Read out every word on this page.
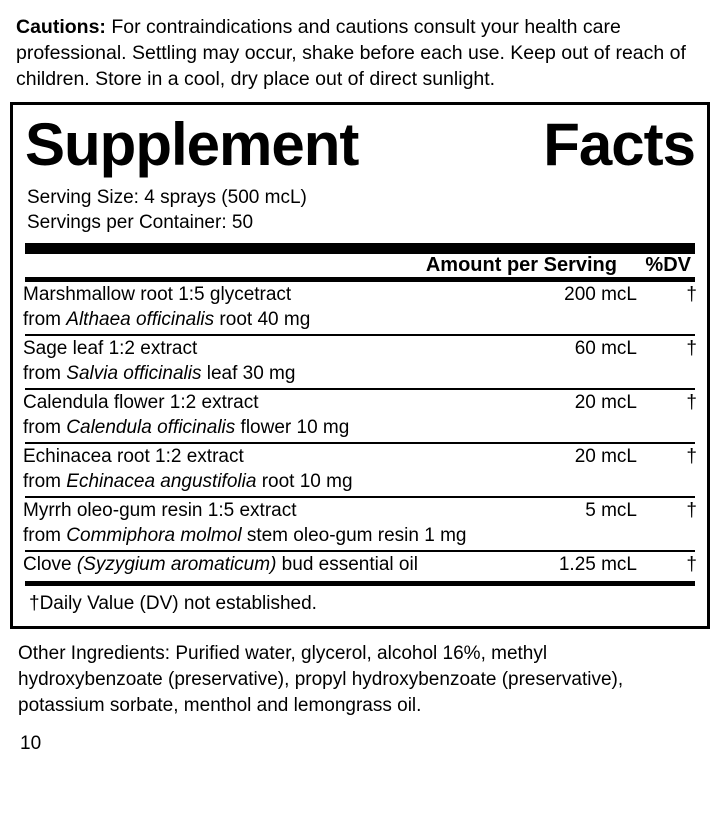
Cautions: For contraindications and cautions consult your health care professional. Settling may occur, shake before each use. Keep out of reach of children. Store in a cool, dry place out of direct sunlight.

Supplement	Facts
Serving Size: 4 sprays (500 mcL)
Servings per Container: 50
	Amount per Serving	%DV
Marshmallow root 1:5 glycetract	200 mcL	†
from Althaea officinalis root 40 mg		

Sage leaf 1:2 extract	60 mcL	†
from Salvia officinalis leaf 30 mg		

Calendula flower 1:2 extract	20 mcL	†
from Calendula officinalis flower 10 mg		

Echinacea root 1:2 extract	20 mcL	†
from Echinacea angustifolia root 10 mg		

Myrrh oleo-gum resin 1:5 extract	5 mcL	†
from Commiphora molmol stem oleo-gum resin 1 mg		

Clove (Syzygium aromaticum) bud essential oil	1.25 mcL	†
†Daily Value (DV) not established.

Other Ingredients: Purified water, glycerol, alcohol 16%, methyl hydroxybenzoate (preservative), propyl hydroxybenzoate (preservative), potassium sorbate, menthol and lemongrass oil.

10
